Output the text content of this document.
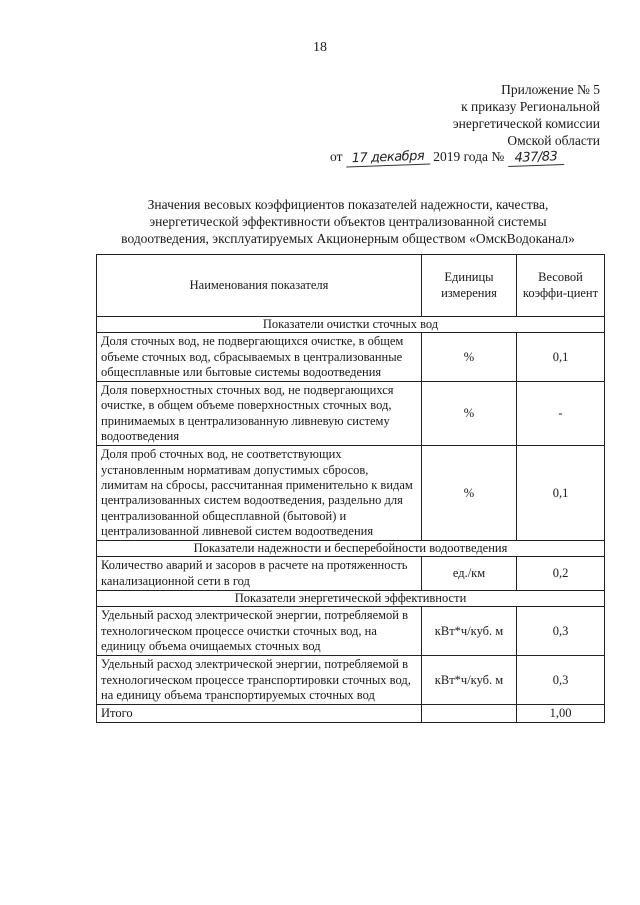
18
Приложение № 5
к приказу Региональной
энергетической комиссии
Омской области
от 17 декабря 2019 года № 437/83
Значения весовых коэффициентов показателей надежности, качества,
энергетической эффективности объектов централизованной системы
водоотведения, эксплуатируемых Акционерным обществом «ОмскВодоканал»
Наименования показателя	Единицы измерения	Весовой коэффи-циент
Показатели очистки сточных вод		
Доля сточных вод, не подвергающихся очистке, в общем объеме сточных вод, сбрасываемых в централизованные общесплавные или бытовые системы водоотведения	%	0,1
Доля поверхностных сточных вод, не подвергающихся очистке, в общем объеме поверхностных сточных вод, принимаемых в централизованную ливневую систему водоотведения	%	-
Доля проб сточных вод, не соответствующих установленным нормативам допустимых сбросов, лимитам на сбросы, рассчитанная применительно к видам централизованных систем водоотведения, раздельно для централизованной общесплавной (бытовой) и централизованной ливневой систем водоотведения	%	0,1
Показатели надежности и бесперебойности водоотведения		
Количество аварий и засоров в расчете на протяженность канализационной сети в год	ед./км	0,2
Показатели энергетической эффективности		
Удельный расход электрической энергии, потребляемой в технологическом процессе очистки сточных вод, на единицу объема очищаемых сточных вод	кВт*ч/куб. м	0,3
Удельный расход электрической энергии, потребляемой в технологическом процессе транспортировки сточных вод, на единицу объема транспортируемых сточных вод	кВт*ч/куб. м	0,3
Итого		1,00
